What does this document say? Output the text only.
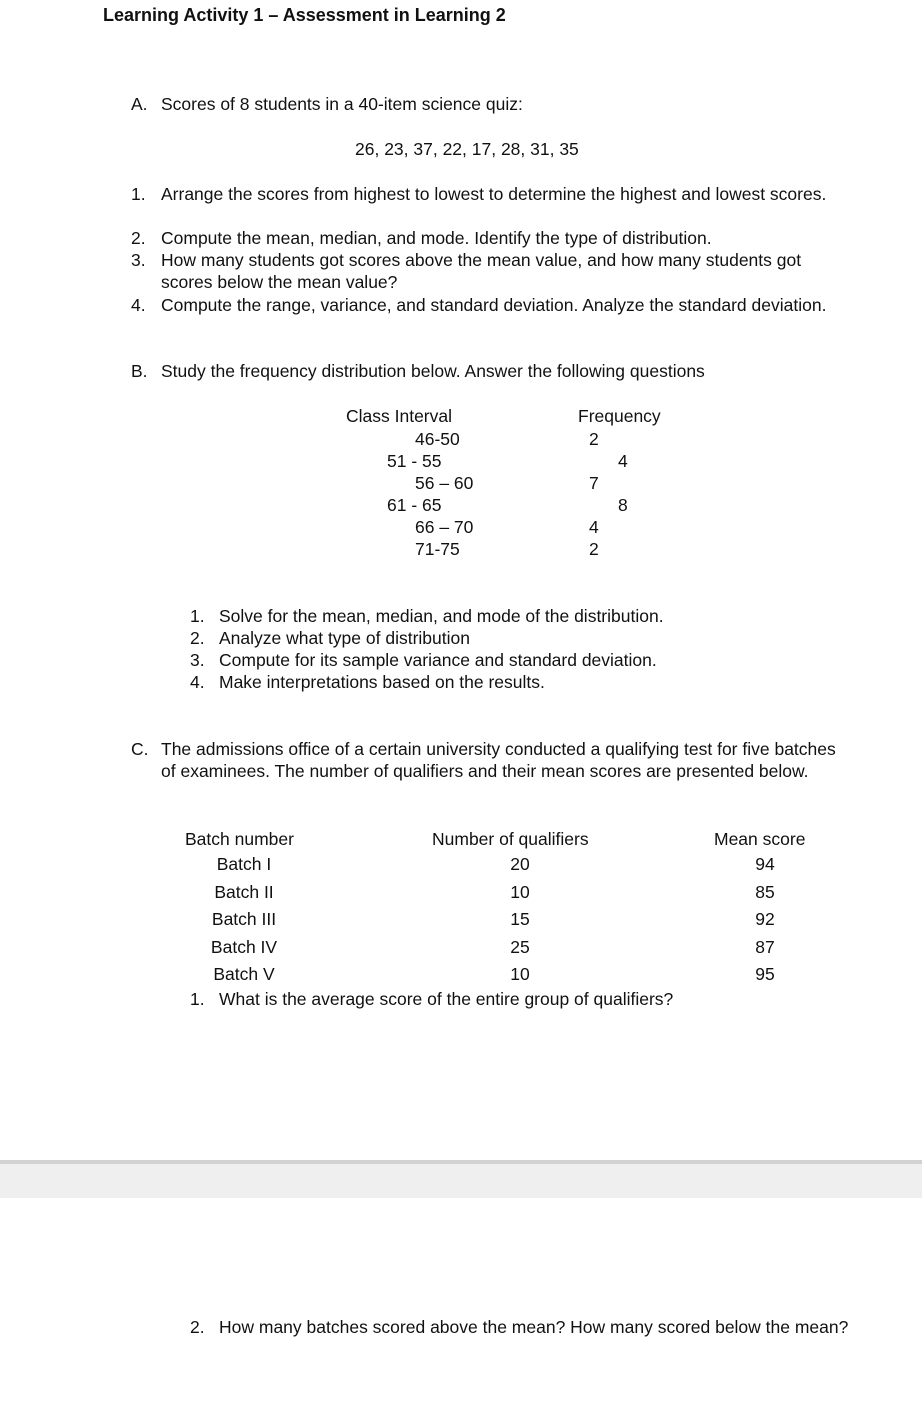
Learning Activity 1 – Assessment in Learning 2
A. Scores of 8 students in a 40-item science quiz:
26, 23, 37, 22, 17, 28, 31, 35
1. Arrange the scores from highest to lowest to determine the highest and lowest scores.
2. Compute the mean, median, and mode. Identify the type of distribution.
3. How many students got scores above the mean value, and how many students got scores below the mean value?
4. Compute the range, variance, and standard deviation. Analyze the standard deviation.
B. Study the frequency distribution below. Answer the following questions
Class Interval	Frequency
46-50	2
51 - 55	4
56 – 60	7
61 - 65	8
66 – 70	4
71-75	2
1. Solve for the mean, median, and mode of the distribution.
2. Analyze what type of distribution
3. Compute for its sample variance and standard deviation.
4. Make interpretations based on the results.
C. The admissions office of a certain university conducted a qualifying test for five batches of examinees. The number of qualifiers and their mean scores are presented below.
Batch number	Number of qualifiers	Mean score
Batch I	20	94
Batch II	10	85
Batch III	15	92
Batch IV	25	87
Batch V	10	95
1. What is the average score of the entire group of qualifiers?
2. How many batches scored above the mean? How many scored below the mean?
